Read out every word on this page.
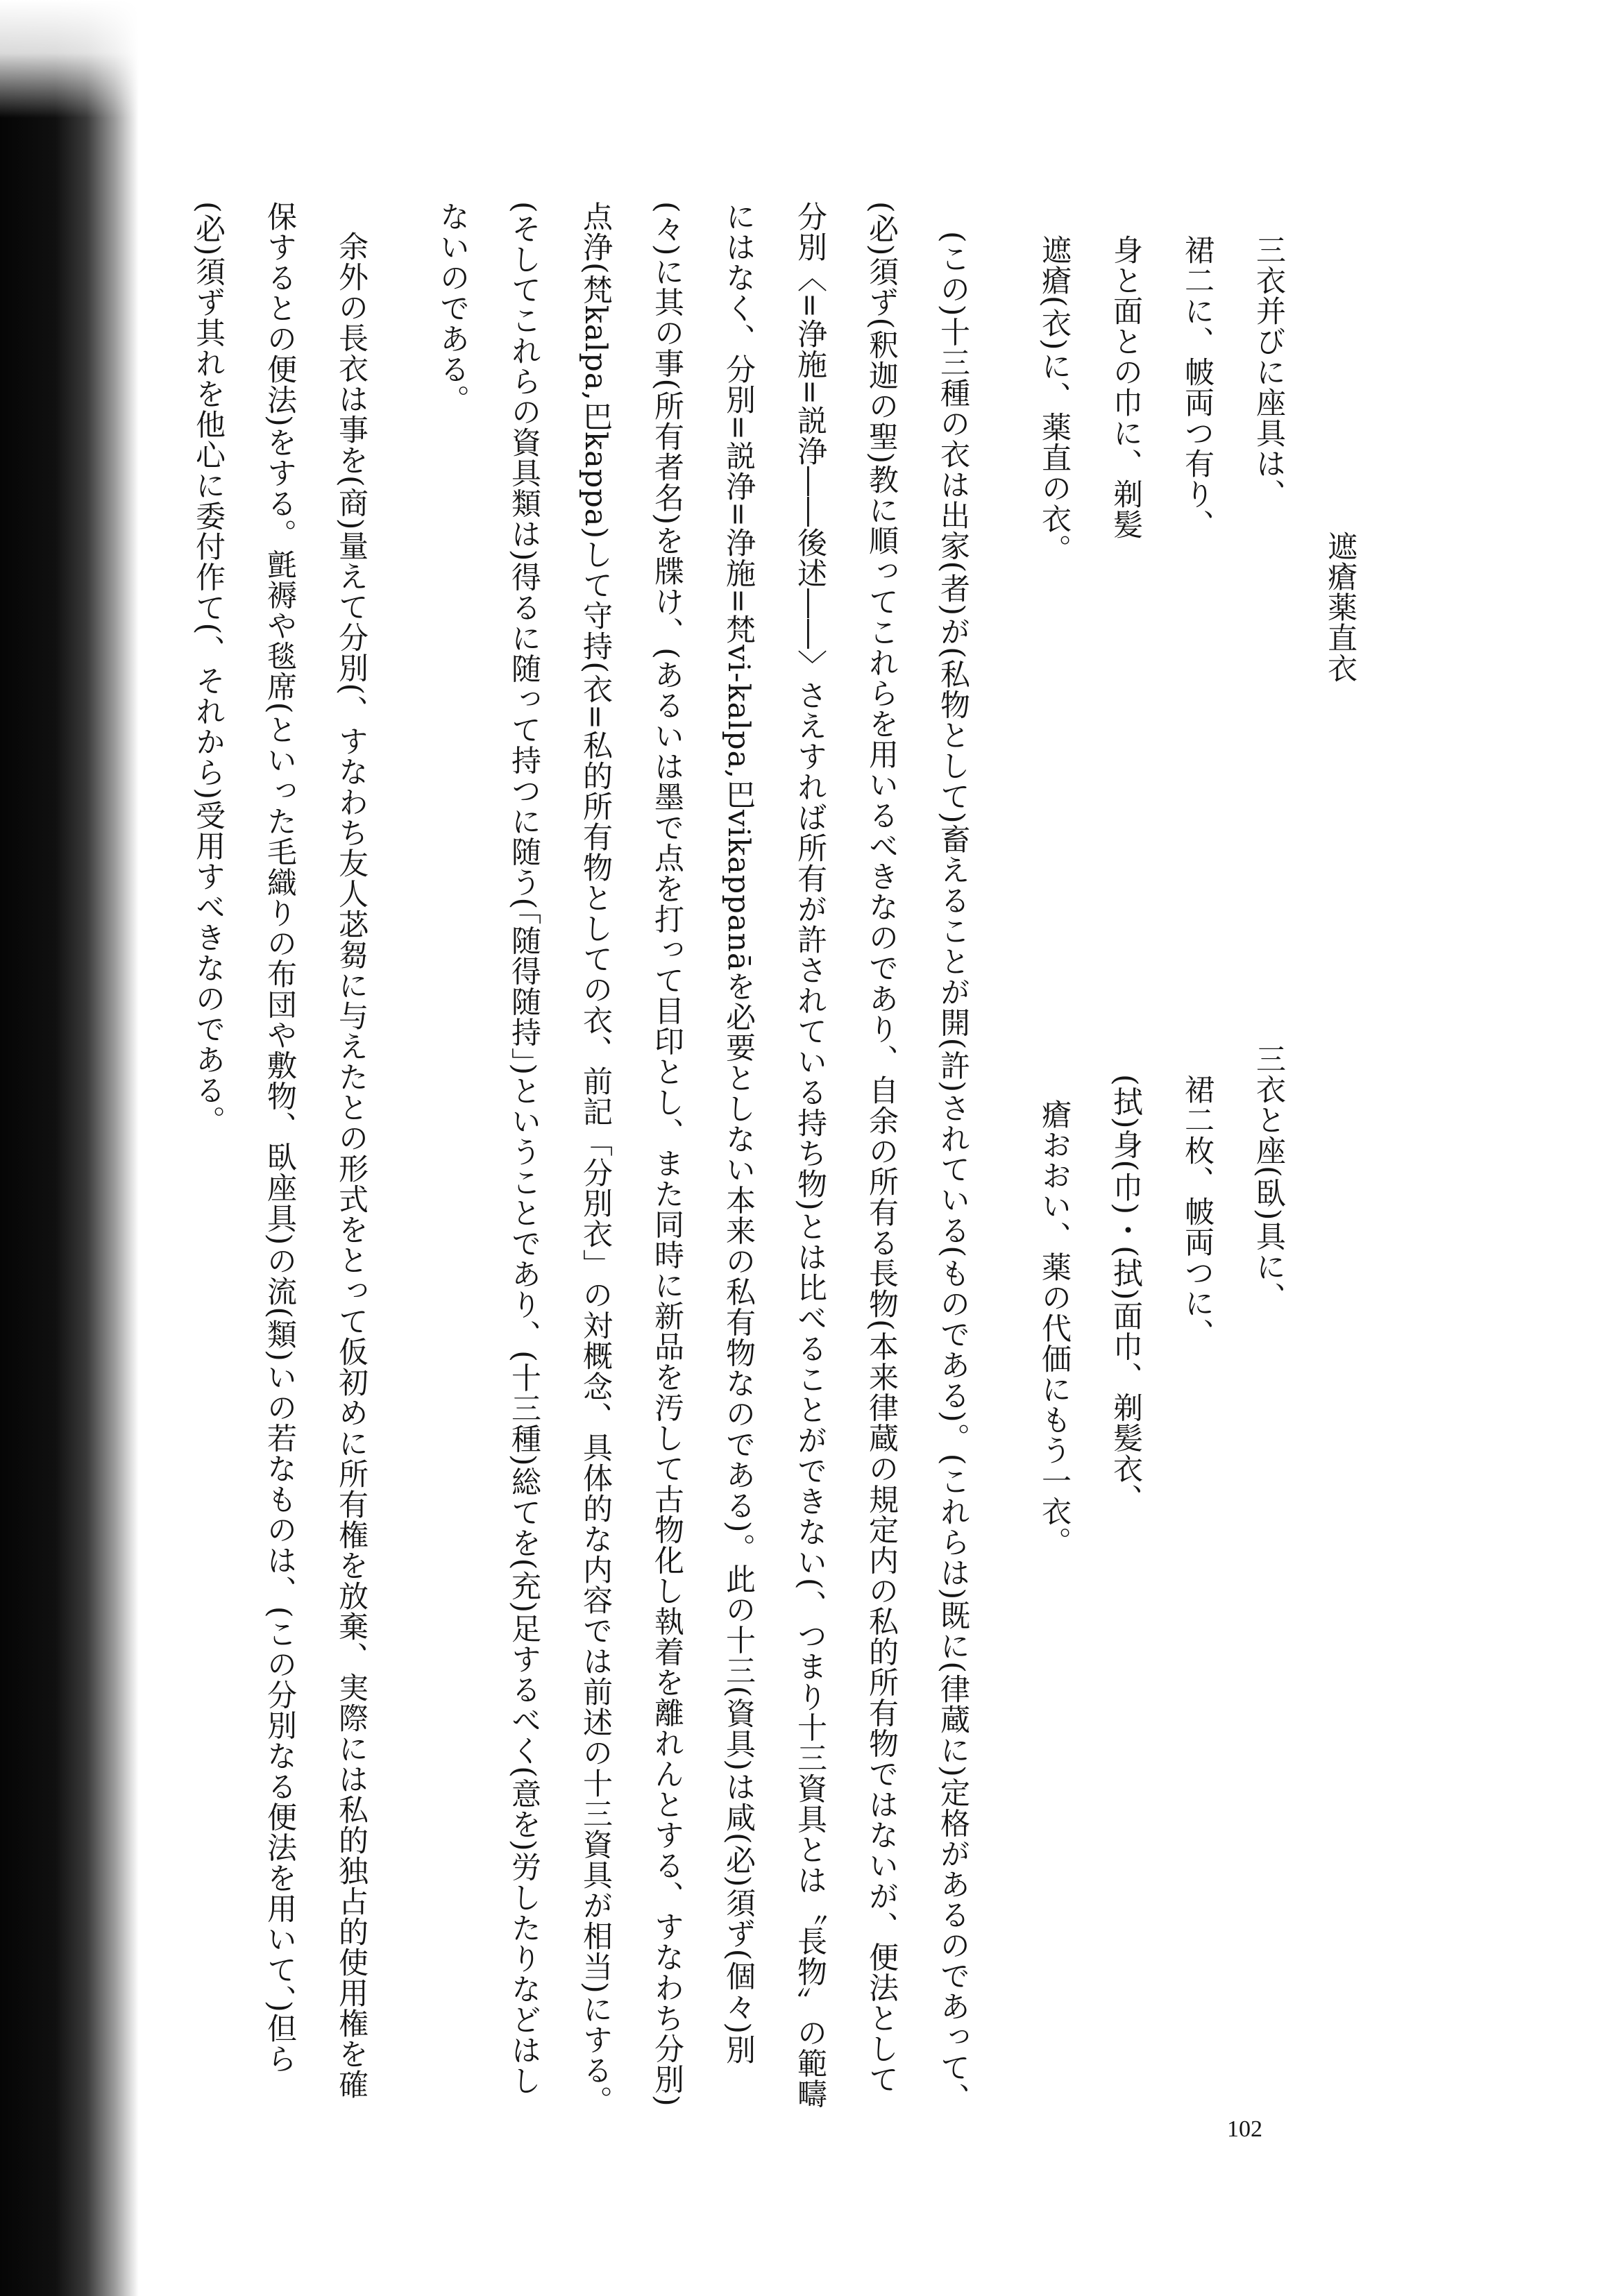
遮瘡薬直衣
三衣并びに座具は、三衣と座(臥)具に、
裙二に、帔両つ有り、裙二枚、帔両つに、
身と面との巾に、剃髪(拭)身(巾)・(拭)面巾、剃髪衣、
遮瘡(衣)に、薬直の衣。瘡おおい、薬の代価にもう一衣。

(この)十三種の衣は出家(者)が(私物として)畜えることが開(許)されている(ものである)。(これらは)既に(律蔵に)定格があるのであって、(必)須ず(釈迦の聖)教に順ってこれらを用いるべきなのであり、自余の所有る長物(本来律蔵の規定内の私的所有物ではないが、便法として分別〈=浄施=説浄――後述――〉さえすれば所有が許されている持ち物)とは比べることができない(、つまり十三資具とは〝長物〟の範疇にはなく、分別=説浄=浄施=梵vi-kalpa,巴vikappanāを必要としない本来の私有物なのである)。此の十三(資具)は咸(必)須ず(個々)別(々)に其の事(所有者名)を牒け、(あるいは墨で点を打って目印とし、また同時に新品を汚して古物化し執着を離れんとする、すなわち分別)点浄(梵kalpa,巴kappa)して守持(衣=私的所有物としての衣、前記「分別衣」の対概念、具体的な内容では前述の十三資具が相当)にする。(そしてこれらの資具類は)得るに随って持つに随う(「随得随持」)ということであり、(十三種)総てを(充)足するべく(意を)労したりなどはしないのである。

余外の長衣は事を(商)量えて分別(、すなわち友人苾芻に与えたとの形式をとって仮初めに所有権を放棄、実際には私的独占的使用権を確保するとの便法)をする。氈褥や毯席(といった毛織りの布団や敷物、臥座具)の流(類)いの若なものは、(この分別なる便法を用いて、)但ら(必)須ず其れを他心に委付作て(、それから)受用すべきなのである。

102
